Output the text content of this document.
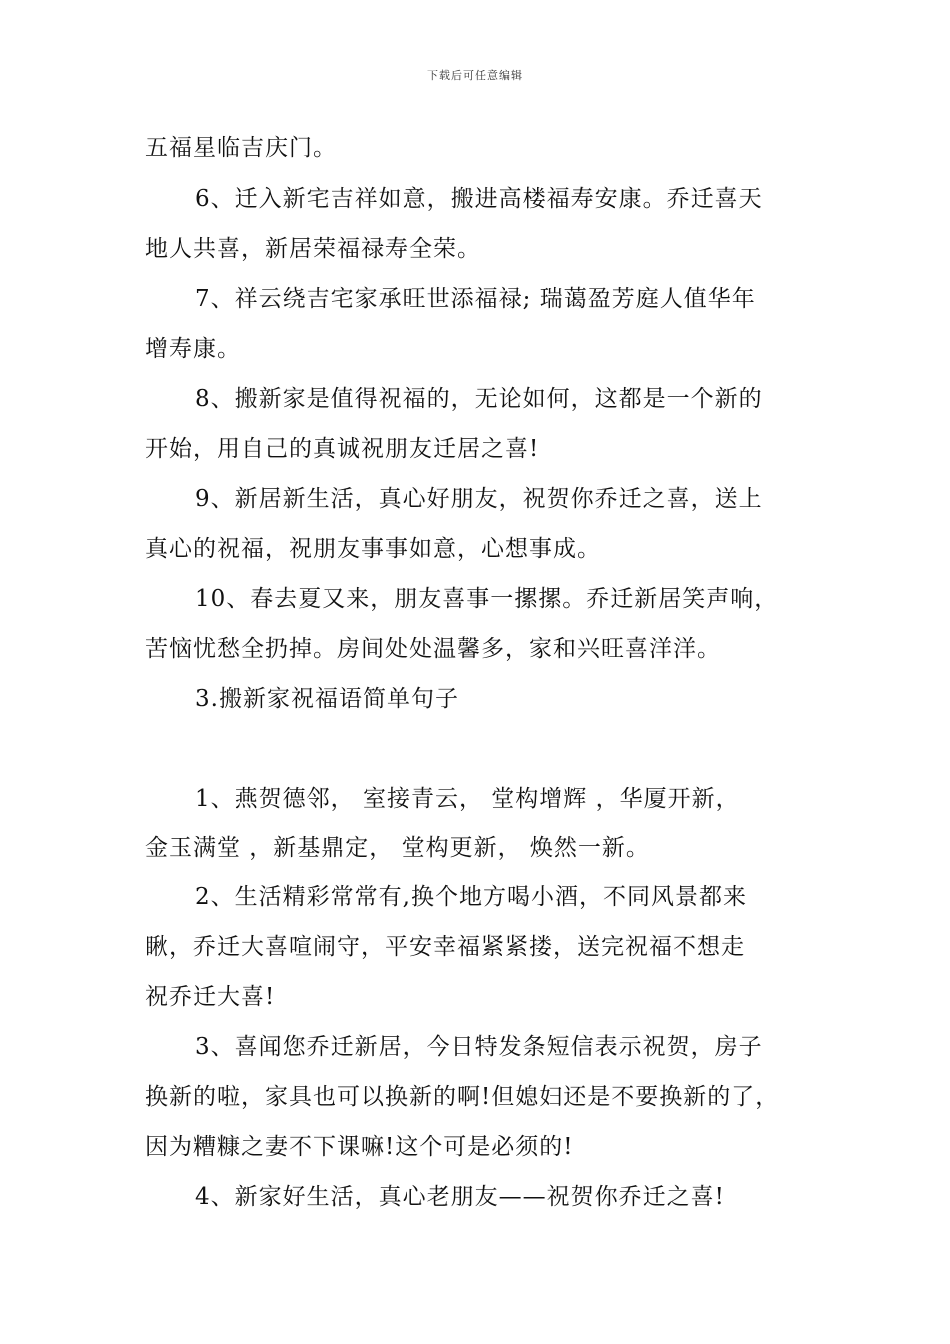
下载后可任意编辑
五福星临吉庆门。
6、迁入新宅吉祥如意，搬进高楼福寿安康。乔迁喜天
地人共喜，新居荣福禄寿全荣。
7、祥云绕吉宅家承旺世添福禄; 瑞蔼盈芳庭人值华年
增寿康。
8、搬新家是值得祝福的，无论如何，这都是一个新的
开始，用自己的真诚祝朋友迁居之喜!
9、新居新生活，真心好朋友，祝贺你乔迁之喜，送上
真心的祝福，祝朋友事事如意，心想事成。
10、春去夏又来，朋友喜事一摞摞。乔迁新居笑声响，
苦恼忧愁全扔掉。房间处处温馨多，家和兴旺喜洋洋。
3.搬新家祝福语简单句子
1、燕贺德邻， 室接青云， 堂构增辉 ，华厦开新，
金玉满堂 ，新基鼎定， 堂构更新， 焕然一新。
2、生活精彩常常有,换个地方喝小酒，不同风景都来
瞅，乔迁大喜喧闹守，平安幸福紧紧搂，送完祝福不想走
祝乔迁大喜!
3、喜闻您乔迁新居，今日特发条短信表示祝贺，房子
换新的啦，家具也可以换新的啊!但媳妇还是不要换新的了，
因为糟糠之妻不下课嘛!这个可是必须的!
4、新家好生活，真心老朋友——祝贺你乔迁之喜!
